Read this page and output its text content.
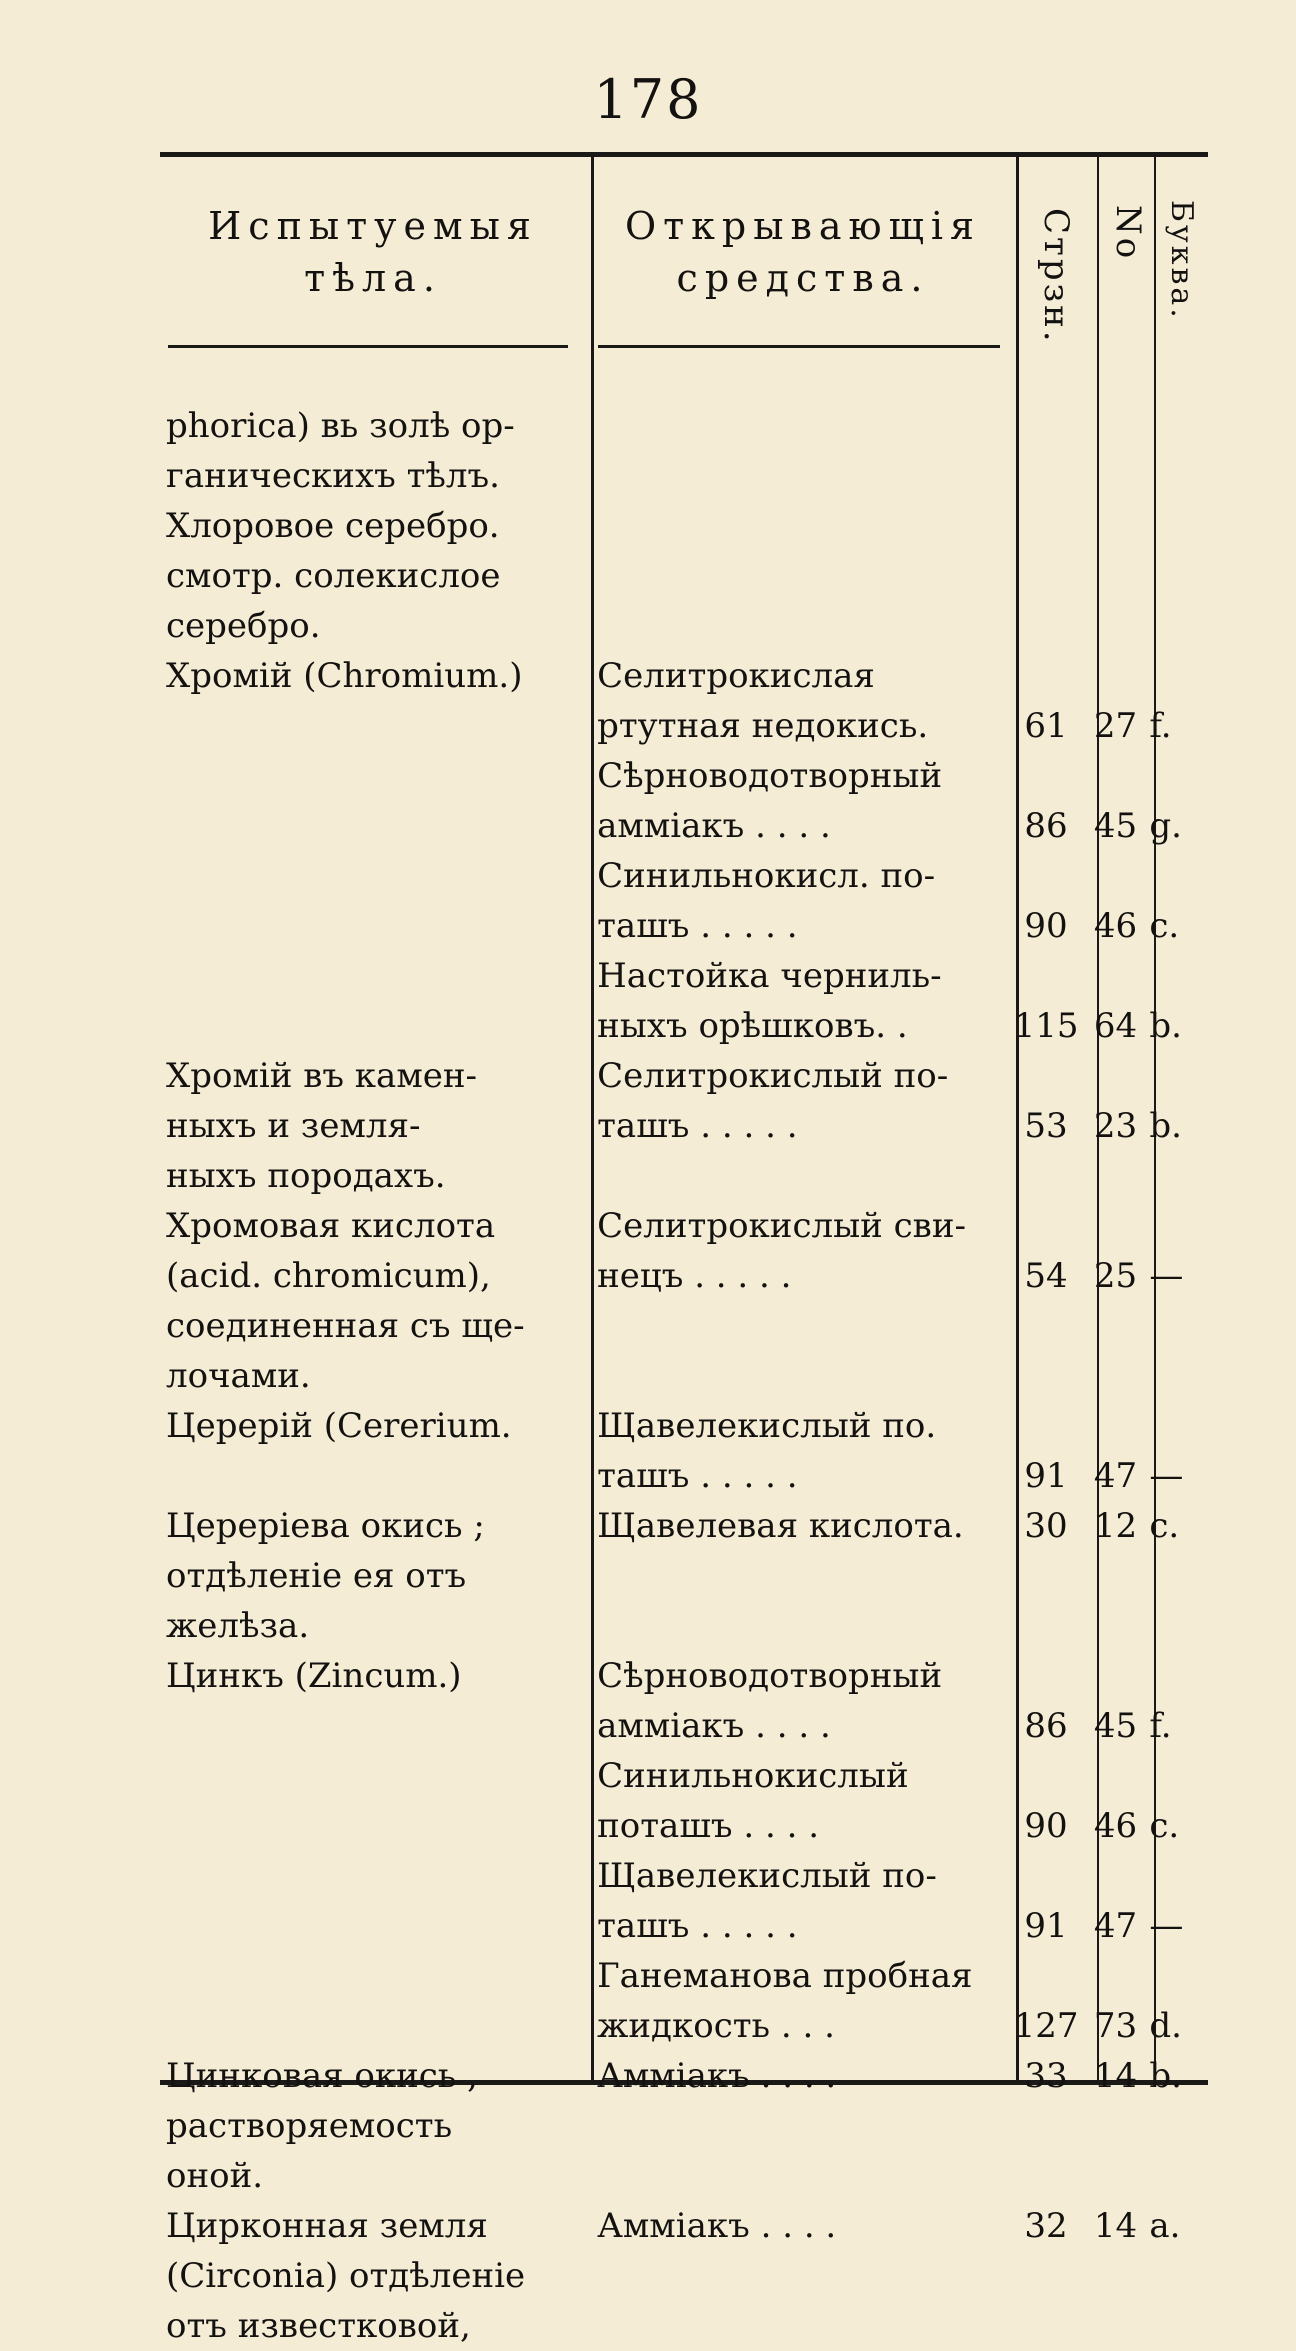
178
Испытуемыя
тѣла.
Открывающія
средства.	Стрзн. No Буква.
phorica) вь золѣ ор-
ганическихъ тѣлъ.
Хлоровое серебро.
смотр. солекислое
серебро.
Хромій (Chromium.)	Селитрокислая
ртутная недокись.	61 27 f.
Сѣрноводотворный
аммiакъ . . . .	86 45 g.
Синильнокисл. по-
ташъ . . . . .	90 46 c.
Настойка черниль-
ныхъ орѣшковъ. .	115 64 b.
Хромій въ камен-	Селитрокислый по-
ныхъ и земля-	ташъ . . . . .	53 23 b.
ныхъ породахъ.
Хромовая кислота	Селитрокислый сви-
(acid. chromicum),	нецъ . . . . .	54 25 —
соединенная съ ще-
лочами.
Церерій (Cererium.	Щавелекислый по.
ташъ . . . . .	91 47 —
Церерiева окись ;	Щавелевая кислота.	30 12 c.
отдѣленіе ея отъ
желѣза.
Цинкъ (Zincum.)	Сѣрноводотворный
аммiакъ . . . .	86 45 f.
Синильнокислый
поташъ . . . .	90 46 c.
Щавелекислый по-
ташъ . . . . .	91 47 —
Ганеманова пробная
жидкость . . .	127 73 d.
Цинковая окись ,	Аммiакъ . . . .	33 14 b.
растворяемость
оной.
Цирконная земля	Аммiакъ . . . .	32 14 a.
(Circonia) отдѣленіе
отъ известковой,
